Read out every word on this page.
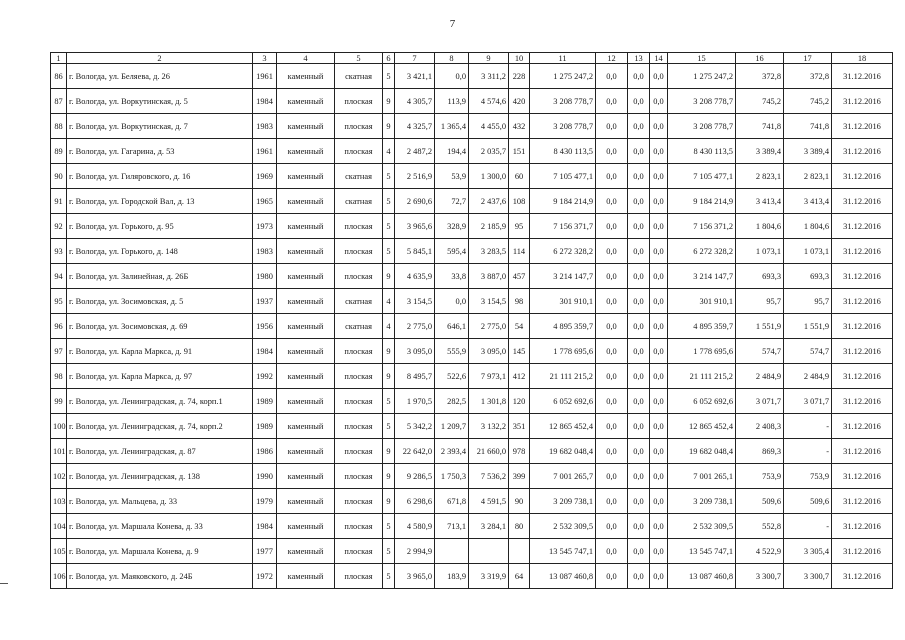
7
1	2	3	4	5	6	7	8	9	10	11	12	13	14	15	16	17	18
86	г. Вологда, ул. Беляева, д. 26	1961	каменный	скатная	5	3 421,1	0,0	3 311,2	228	1 275 247,2	0,0	0,0	0,0	1 275 247,2	372,8	372,8	31.12.2016
87	г. Вологда, ул. Воркутинская, д. 5	1984	каменный	плоская	9	4 305,7	113,9	4 574,6	420	3 208 778,7	0,0	0,0	0,0	3 208 778,7	745,2	745,2	31.12.2016
88	г. Вологда, ул. Воркутинская, д. 7	1983	каменный	плоская	9	4 325,7	1 365,4	4 455,0	432	3 208 778,7	0,0	0,0	0,0	3 208 778,7	741,8	741,8	31.12.2016
89	г. Вологда, ул. Гагарина, д. 53	1961	каменный	плоская	4	2 487,2	194,4	2 035,7	151	8 430 113,5	0,0	0,0	0,0	8 430 113,5	3 389,4	3 389,4	31.12.2016
90	г. Вологда, ул. Гиляровского, д. 16	1969	каменный	скатная	5	2 516,9	53,9	1 300,0	60	7 105 477,1	0,0	0,0	0,0	7 105 477,1	2 823,1	2 823,1	31.12.2016
91	г. Вологда, ул. Городской Вал, д. 13	1965	каменный	скатная	5	2 690,6	72,7	2 437,6	108	9 184 214,9	0,0	0,0	0,0	9 184 214,9	3 413,4	3 413,4	31.12.2016
92	г. Вологда, ул. Горького, д. 95	1973	каменный	плоская	5	3 965,6	328,9	2 185,9	95	7 156 371,7	0,0	0,0	0,0	7 156 371,2	1 804,6	1 804,6	31.12.2016
93	г. Вологда, ул. Горького, д. 148	1983	каменный	плоская	5	5 845,1	595,4	3 283,5	114	6 272 328,2	0,0	0,0	0,0	6 272 328,2	1 073,1	1 073,1	31.12.2016
94	г. Вологда, ул. Залинейная, д. 26Б	1980	каменный	плоская	9	4 635,9	33,8	3 887,0	457	3 214 147,7	0,0	0,0	0,0	3 214 147,7	693,3	693,3	31.12.2016
95	г. Вологда, ул. Зосимовская, д. 5	1937	каменный	скатная	4	3 154,5	0,0	3 154,5	98	301 910,1	0,0	0,0	0,0	301 910,1	95,7	95,7	31.12.2016
96	г. Вологда, ул. Зосимовская, д. 69	1956	каменный	скатная	4	2 775,0	646,1	2 775,0	54	4 895 359,7	0,0	0,0	0,0	4 895 359,7	1 551,9	1 551,9	31.12.2016
97	г. Вологда, ул. Карла Маркса, д. 91	1984	каменный	плоская	9	3 095,0	555,9	3 095,0	145	1 778 695,6	0,0	0,0	0,0	1 778 695,6	574,7	574,7	31.12.2016
98	г. Вологда, ул. Карла Маркса, д. 97	1992	каменный	плоская	9	8 495,7	522,6	7 973,1	412	21 111 215,2	0,0	0,0	0,0	21 111 215,2	2 484,9	2 484,9	31.12.2016
99	г. Вологда, ул. Ленинградская, д. 74, корп.1	1989	каменный	плоская	5	1 970,5	282,5	1 301,8	120	6 052 692,6	0,0	0,0	0,0	6 052 692,6	3 071,7	3 071,7	31.12.2016
100	г. Вологда, ул. Ленинградская, д. 74, корп.2	1989	каменный	плоская	5	5 342,2	1 209,7	3 132,2	351	12 865 452,4	0,0	0,0	0,0	12 865 452,4	2 408,3	-	31.12.2016
101	г. Вологда, ул. Ленинградская, д. 87	1986	каменный	плоская	9	22 642,0	2 393,4	21 660,0	978	19 682 048,4	0,0	0,0	0,0	19 682 048,4	869,3	-	31.12.2016
102	г. Вологда, ул. Ленинградская, д. 138	1990	каменный	плоская	9	9 286,5	1 750,3	7 536,2	399	7 001 265,7	0,0	0,0	0,0	7 001 265,1	753,9	753,9	31.12.2016
103	г. Вологда, ул. Мальцева, д. 33	1979	каменный	плоская	9	6 298,6	671,8	4 591,5	90	3 209 738,1	0,0	0,0	0,0	3 209 738,1	509,6	509,6	31.12.2016
104	г. Вологда, ул. Маршала Конева, д. 33	1984	каменный	плоская	5	4 580,9	713,1	3 284,1	80	2 532 309,5	0,0	0,0	0,0	2 532 309,5	552,8	-	31.12.2016
105	г. Вологда, ул. Маршала Конева, д. 9	1977	каменный	плоская	5	2 994,9				13 545 747,1	0,0	0,0	0,0	13 545 747,1	4 522,9	3 305,4	31.12.2016
106	г. Вологда, ул. Маяковского, д. 24Б	1972	каменный	плоская	5	3 965,0	183,9	3 319,9	64	13 087 460,8	0,0	0,0	0,0	13 087 460,8	3 300,7	3 300,7	31.12.2016
